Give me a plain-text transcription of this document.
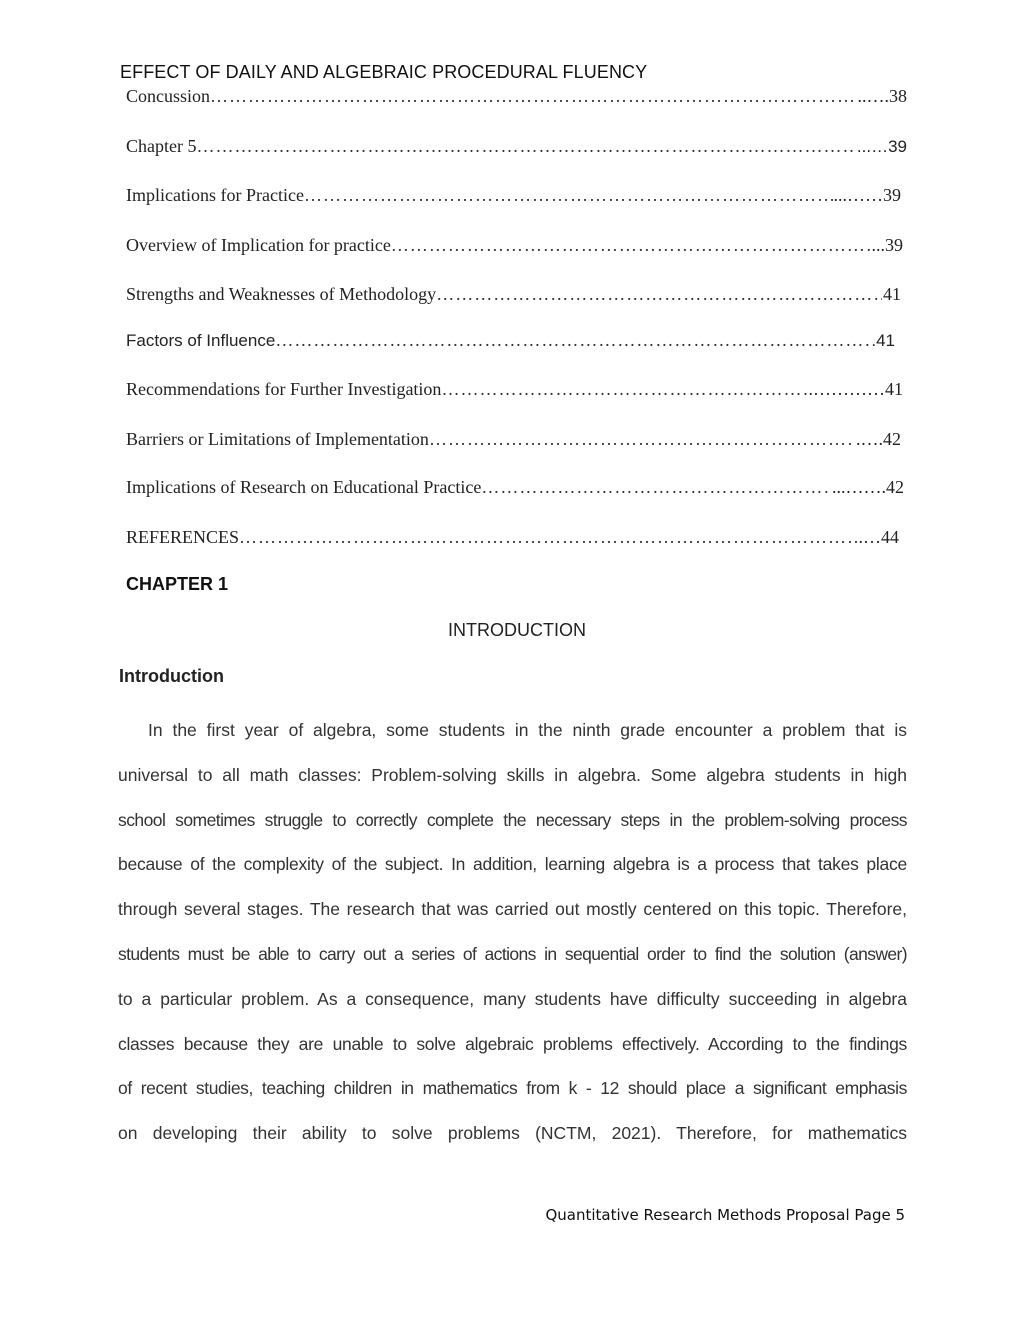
EFFECT OF DAILY AND ALGEBRAIC PROCEDURAL FLUENCY
Concussion ……………………………………………………………………………………………………………………………………………………………………	..….38
Chapter 5 ……………………………………………………………………………………………………………………………………………………………………	...…39
Implications for Practice ……………………………………………………………………………………………………………………………………………………………………	...……39
Overview of Implication for practice ……………………………………………………………………………………………………………………………………………………………………	...39
Strengths and Weaknesses of Methodology ……………………………………………………………………………………………………………………………………………………………………	41
Factors of Influence ……………………………………………………………………………………………………………………………………………………………………	.41
Recommendations for Further Investigation ……………………………………………………………………………………………………………………………………………………………………	.…………41
Barriers or Limitations of Implementation ……………………………………………………………………………………………………………………………………………………………………	.….42
Implications of Research on Educational Practice ……………………………………………………………………………………………………………………………………………………………………	...…….42
REFERENCES ……………………………………………………………………………………………………………………………………………………………………	.…44
CHAPTER 1
INTRODUCTION
Introduction
In the first year of algebra, some students in the ninth grade encounter a problem that is
universal to all math classes: Problem-solving skills in algebra. Some algebra students in high
school sometimes struggle to correctly complete the necessary steps in the problem-solving process
because of the complexity of the subject. In addition, learning algebra is a process that takes place
through several stages. The research that was carried out mostly centered on this topic. Therefore,
students must be able to carry out a series of actions in sequential order to find the solution (answer)
to a particular problem. As a consequence, many students have difficulty succeeding in algebra
classes because they are unable to solve algebraic problems effectively. According to the findings
of recent studies, teaching children in mathematics from k - 12 should place a significant emphasis
on developing their ability to solve problems (NCTM, 2021). Therefore, for mathematics
Quantitative Research Methods Proposal Page 5
